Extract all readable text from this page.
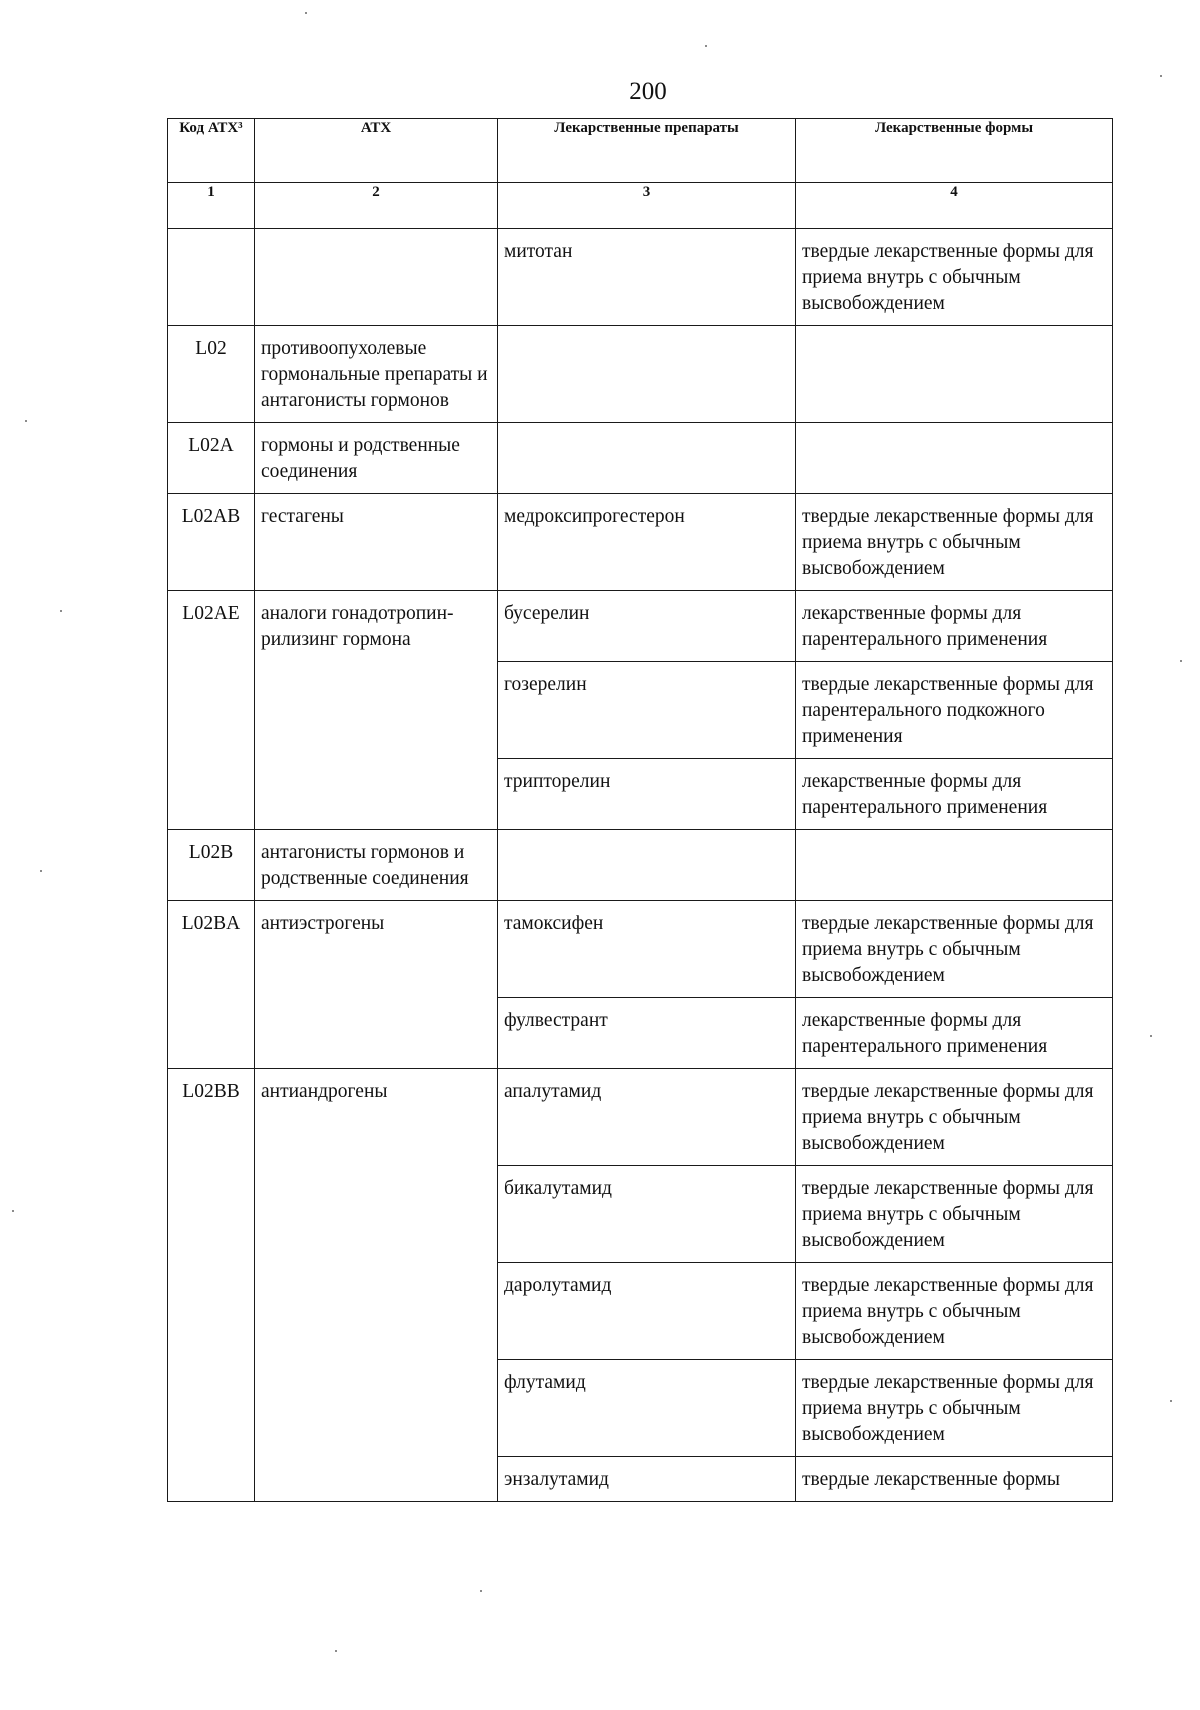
200
Код АТХ³	АТХ	Лекарственные препараты	Лекарственные формы
1	2	3	4
		митотан	твердые лекарственные формы для приема внутрь с обычным высвобождением
L02	противоопухолевые гормональные препараты и антагонисты гормонов		
L02A	гормоны и родственные соединения		
L02AB	гестагены	медроксипрогестерон	твердые лекарственные формы для приема внутрь с обычным высвобождением
L02AE	аналоги гонадотропин-рилизинг гормона	бусерелин	лекарственные формы для парентерального применения
		гозерелин	твердые лекарственные формы для парентерального подкожного применения
		трипторелин	лекарственные формы для парентерального применения
L02B	антагонисты гормонов и родственные соединения		
L02BA	антиэстрогены	тамоксифен	твердые лекарственные формы для приема внутрь с обычным высвобождением
		фулвестрант	лекарственные формы для парентерального применения
L02BB	антиандрогены	апалутамид	твердые лекарственные формы для приема внутрь с обычным высвобождением
		бикалутамид	твердые лекарственные формы для приема внутрь с обычным высвобождением
		даролутамид	твердые лекарственные формы для приема внутрь с обычным высвобождением
		флутамид	твердые лекарственные формы для приема внутрь с обычным высвобождением
		энзалутамид	твердые лекарственные формы
